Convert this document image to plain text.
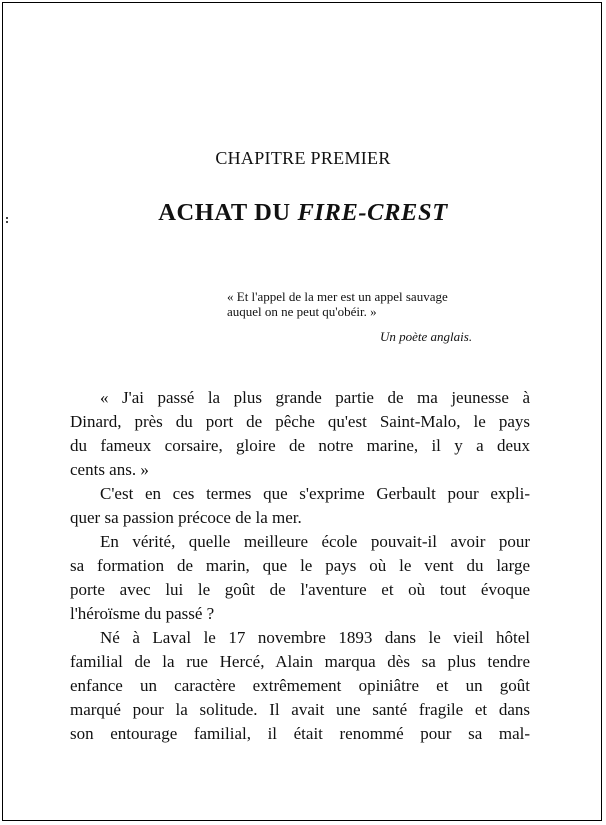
CHAPITRE PREMIER
ACHAT DU FIRE-CREST
« Et l'appel de la mer est un appel sauvage
auquel on ne peut qu'obéir. »
Un poète anglais.
« J'ai passé la plus grande partie de ma jeunesse à
Dinard, près du port de pêche qu'est Saint-Malo, le pays
du fameux corsaire, gloire de notre marine, il y a deux
cents ans. »
C'est en ces termes que s'exprime Gerbault pour expli-
quer sa passion précoce de la mer.
En vérité, quelle meilleure école pouvait-il avoir pour
sa formation de marin, que le pays où le vent du large
porte avec lui le goût de l'aventure et où tout évoque
l'héroïsme du passé ?
Né à Laval le 17 novembre 1893 dans le vieil hôtel
familial de la rue Hercé, Alain marqua dès sa plus tendre
enfance un caractère extrêmement opiniâtre et un goût
marqué pour la solitude. Il avait une santé fragile et dans
son entourage familial, il était renommé pour sa mal-
